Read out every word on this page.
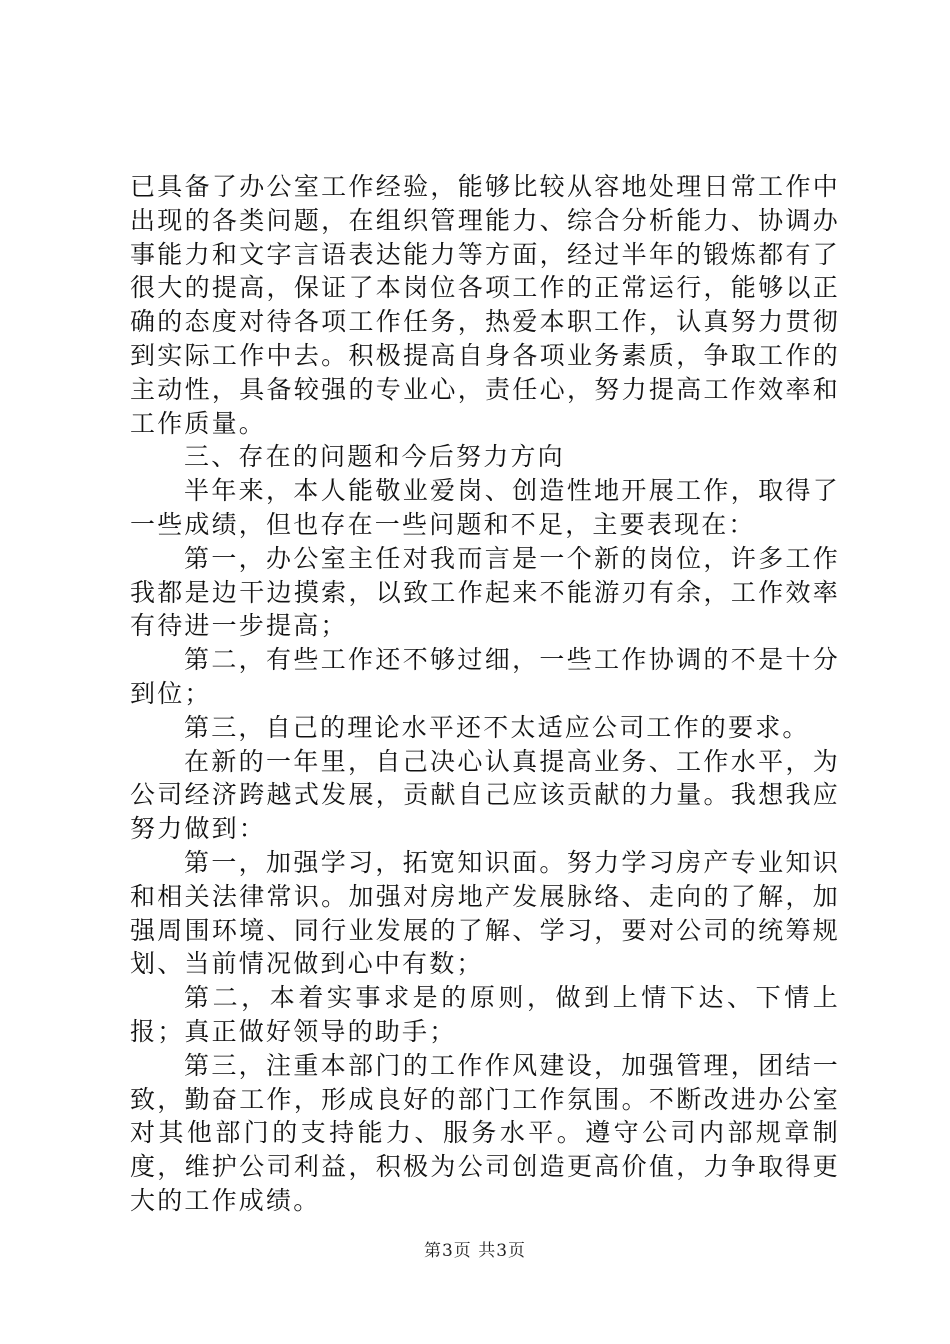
已具备了办公室工作经验，能够比较从容地处理日常工作中出现的各类问题，在组织管理能力、综合分析能力、协调办事能力和文字言语表达能力等方面，经过半年的锻炼都有了很大的提高，保证了本岗位各项工作的正常运行，能够以正确的态度对待各项工作任务，热爱本职工作，认真努力贯彻到实际工作中去。积极提高自身各项业务素质，争取工作的主动性，具备较强的专业心，责任心，努力提高工作效率和工作质量。

三、存在的问题和今后努力方向

半年来，本人能敬业爱岗、创造性地开展工作，取得了一些成绩，但也存在一些问题和不足，主要表现在：

第一，办公室主任对我而言是一个新的岗位，许多工作我都是边干边摸索，以致工作起来不能游刃有余，工作效率有待进一步提高；

第二，有些工作还不够过细，一些工作协调的不是十分到位；

第三，自己的理论水平还不太适应公司工作的要求。

在新的一年里，自己决心认真提高业务、工作水平，为公司经济跨越式发展，贡献自己应该贡献的力量。我想我应努力做到：

第一，加强学习，拓宽知识面。努力学习房产专业知识和相关法律常识。加强对房地产发展脉络、走向的了解，加强周围环境、同行业发展的了解、学习，要对公司的统筹规划、当前情况做到心中有数；

第二，本着实事求是的原则，做到上情下达、下情上报；真正做好领导的助手；

第三，注重本部门的工作作风建设，加强管理，团结一致，勤奋工作，形成良好的部门工作氛围。不断改进办公室对其他部门的支持能力、服务水平。遵守公司内部规章制度，维护公司利益，积极为公司创造更高价值，力争取得更大的工作成绩。

第3页 共3页
